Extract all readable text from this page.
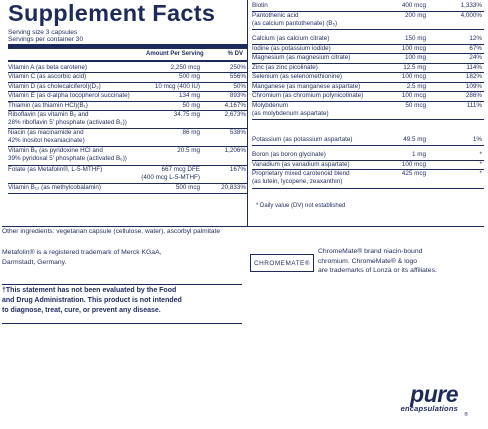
Supplement Facts
Serving size 3 capsules
Servings per container 30
Amount Per Serving	% DV
Vitamin A (as beta carotene)	2,250 mcg	250%
Vitamin C (as ascorbic acid)	500 mg	556%
Vitamin D (as cholecalciferol)(D₃)	10 mcg (400 IU)	50%
Vitamin E (as d-alpha tocopherol succinate)	134 mg	893%
Thiamin (as thiamin HCl)(B₁)	50 mg	4,167%
Riboflavin (as vitamin B₂ and
28% riboflavin 5' phosphate (activated B₂))
34.75 mg	2,673%
Niacin (as niacinamide and
42% inositol hexaniacinate)
86 mg	538%
Vitamin B₆ (as pyridoxine HCl and
39% pyridoxal 5' phosphate (activated B₆))
20.5 mg	1,206%
Folate (as Metafolin®, L-5-MTHF)	667 mcg DFE
(400 mcg L-5-MTHF)
167%
Vitamin B₁₂ (as methylcobalamin)	500 mcg	20,833%
Biotin	400 mcg	1,333%
Pantothenic acid
(as calcium pantothenate) (B₅)
200 mg	4,000%
Calcium (as calcium citrate)	150 mg	12%
Iodine (as potassium iodide)	100 mcg	67%
Magnesium (as magnesium citrate)	100 mg	24%
Zinc (as zinc picolinate)	12.5 mg	114%
Selenium (as selenomethionine)	100 mcg	182%
Manganese (as manganese aspartate)	2.5 mg	109%
Chromium (as chromium polynicotinate)	100 mcg	286%
Molybdenum
(as molybdenum aspartate)
50 mcg	111%
Potassium (as potassium aspartate)	49.5 mg	1%
Boron (as boron glycinate)	1 mg	*
Vanadium (as vanadium aspartate)	100 mcg	*
Proprietary mixed carotenoid blend
(as lutein, lycopene, zeaxanthin)
425 mcg	*
* Daily value (DV) not established
Other ingredients: vegetarian capsule (cellulose, water), ascorbyl palmitate
Metafolin® is a registered trademark of Merck KGaA,
Darmstadt, Germany.	CHROMEMATE®
ChromeMate® brand niacin-bound
chromium. ChromeMate® & logo
are trademarks of Lonza or its affiliates.
†This statement has not been evaluated by the Food
and Drug Administration. This product is not intended
to diagnose, treat, cure, or prevent any disease.
pure
encapsulations
®
